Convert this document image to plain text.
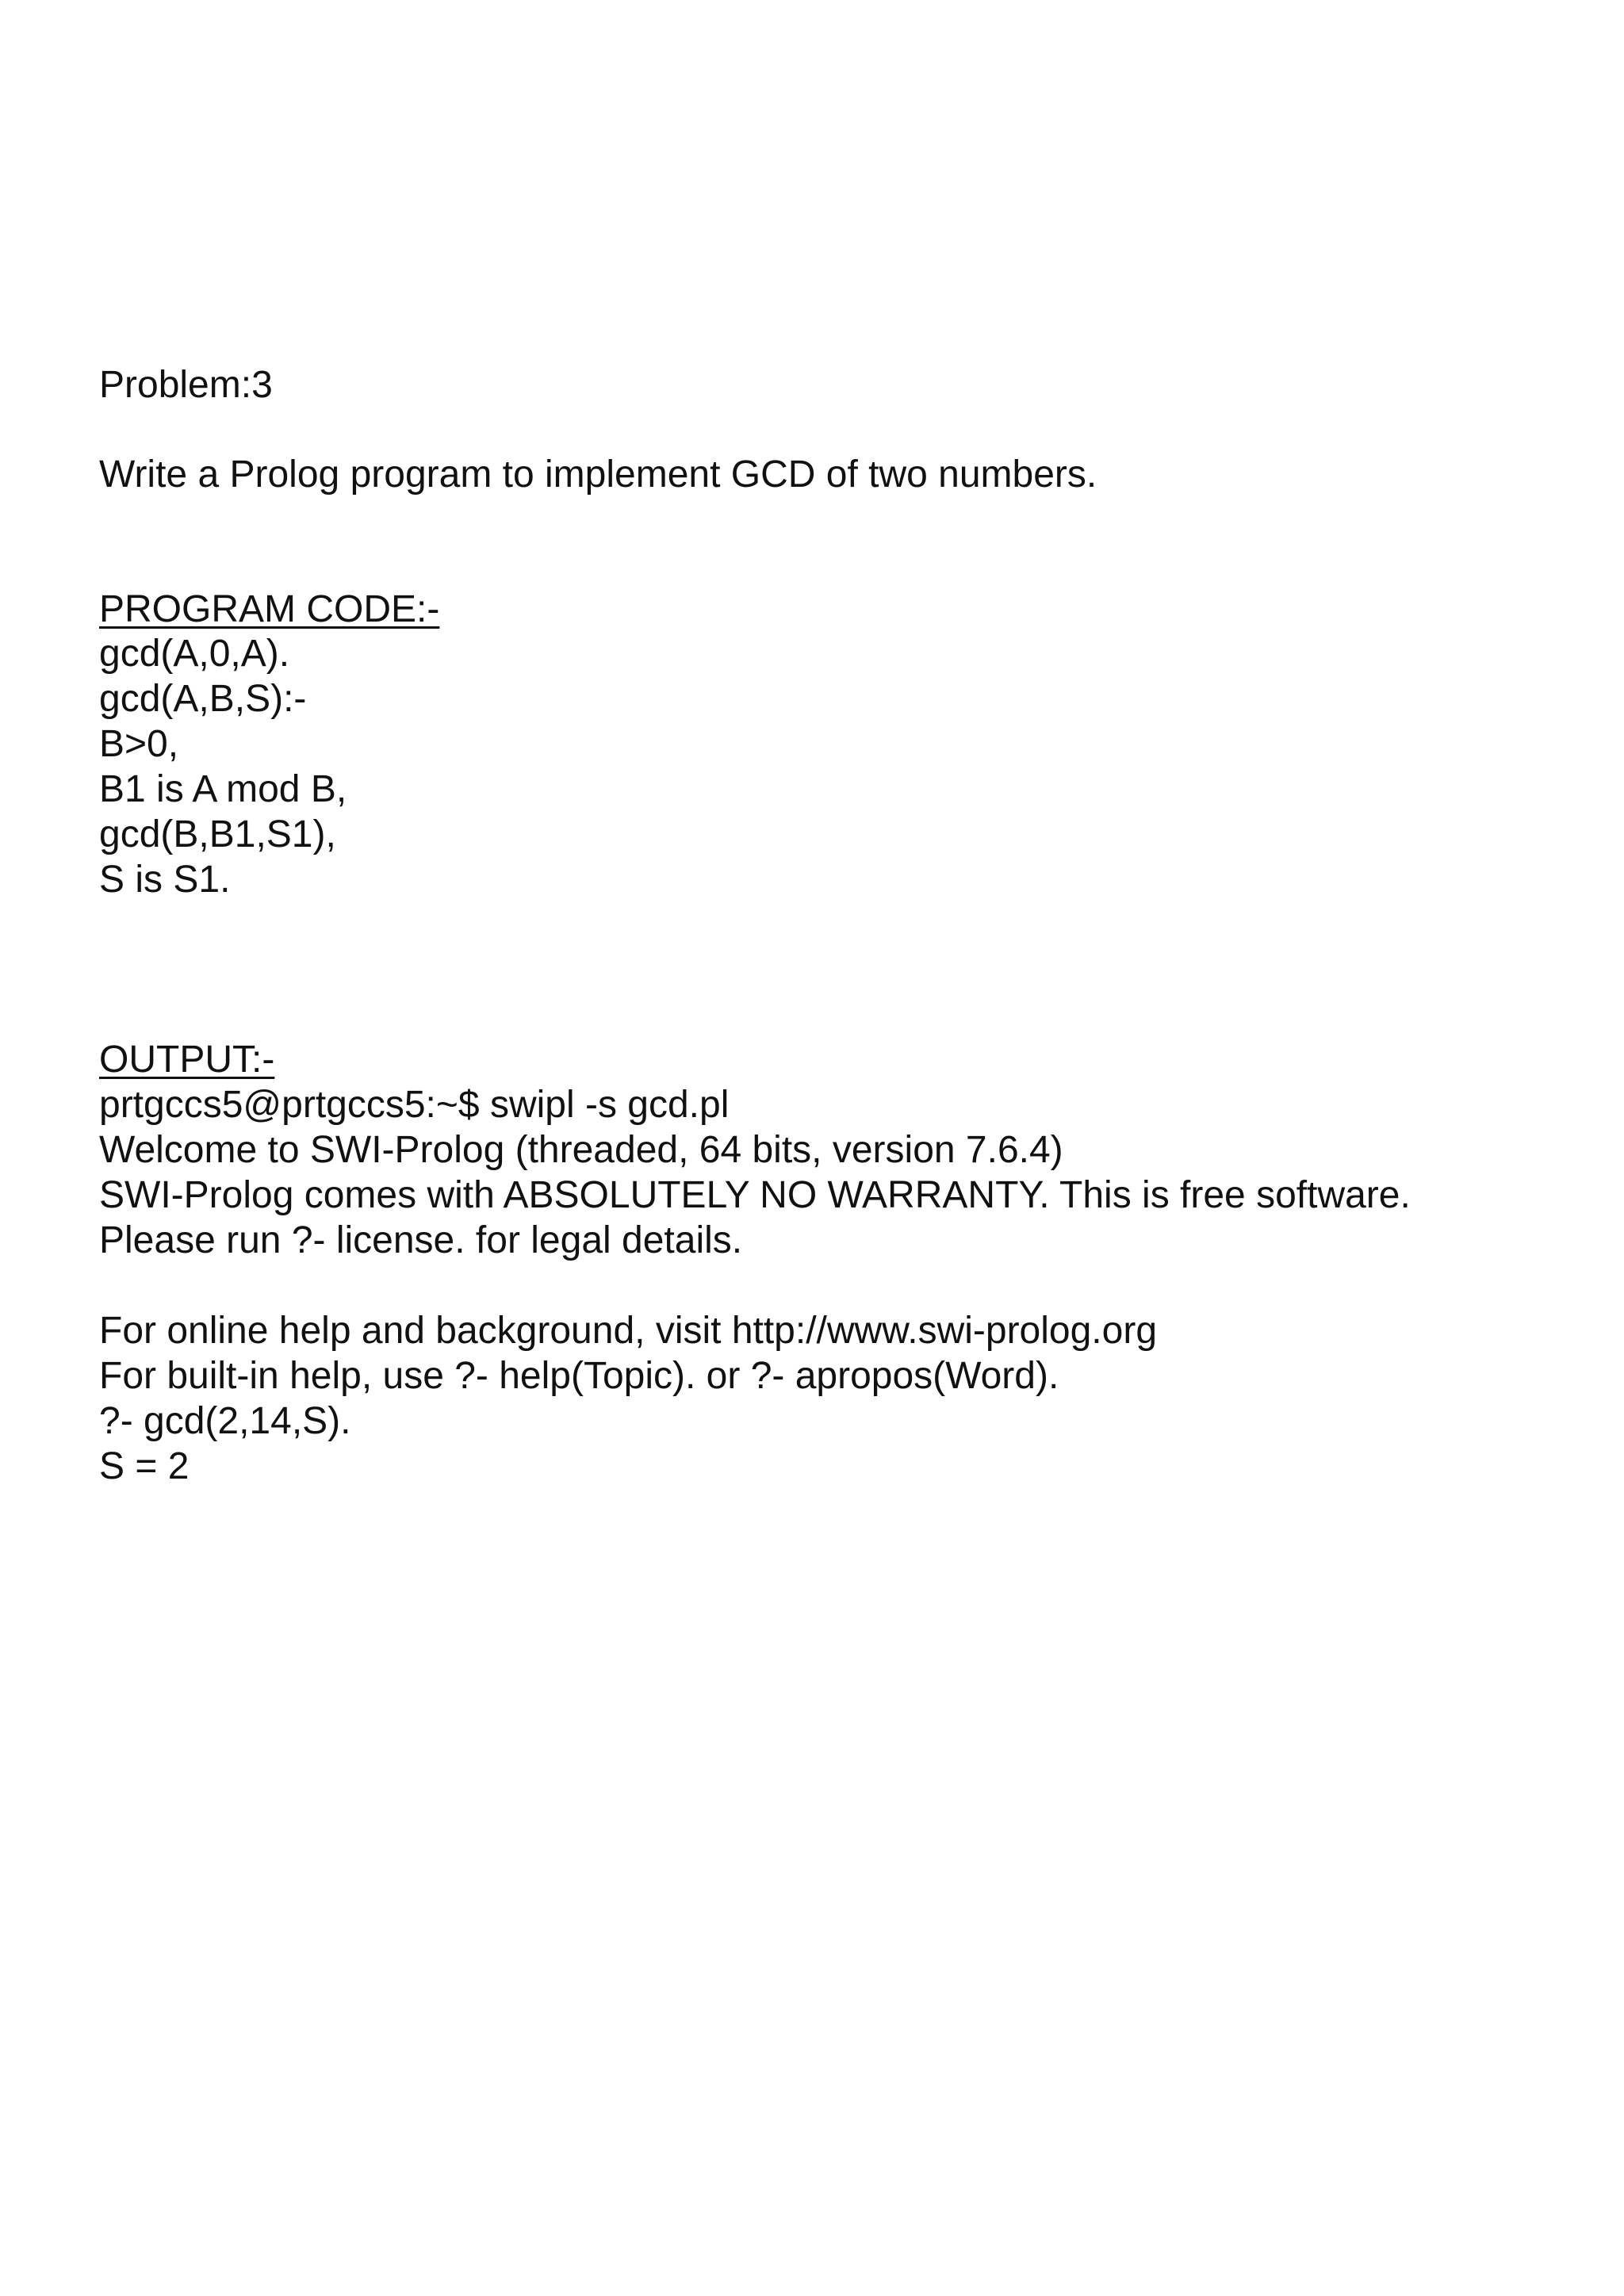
Problem:3
Write a Prolog program to implement GCD of two numbers.
PROGRAM CODE:-
gcd(A,0,A).
gcd(A,B,S):-
B>0,
B1 is A mod B,
gcd(B,B1,S1),
S is S1.
OUTPUT:-
prtgccs5@prtgccs5:~$ swipl -s gcd.pl
Welcome to SWI-Prolog (threaded, 64 bits, version 7.6.4)
SWI-Prolog comes with ABSOLUTELY NO WARRANTY. This is free software.
Please run ?- license. for legal details.
For online help and background, visit http://www.swi-prolog.org
For built-in help, use ?- help(Topic). or ?- apropos(Word).
?- gcd(2,14,S).
S = 2
